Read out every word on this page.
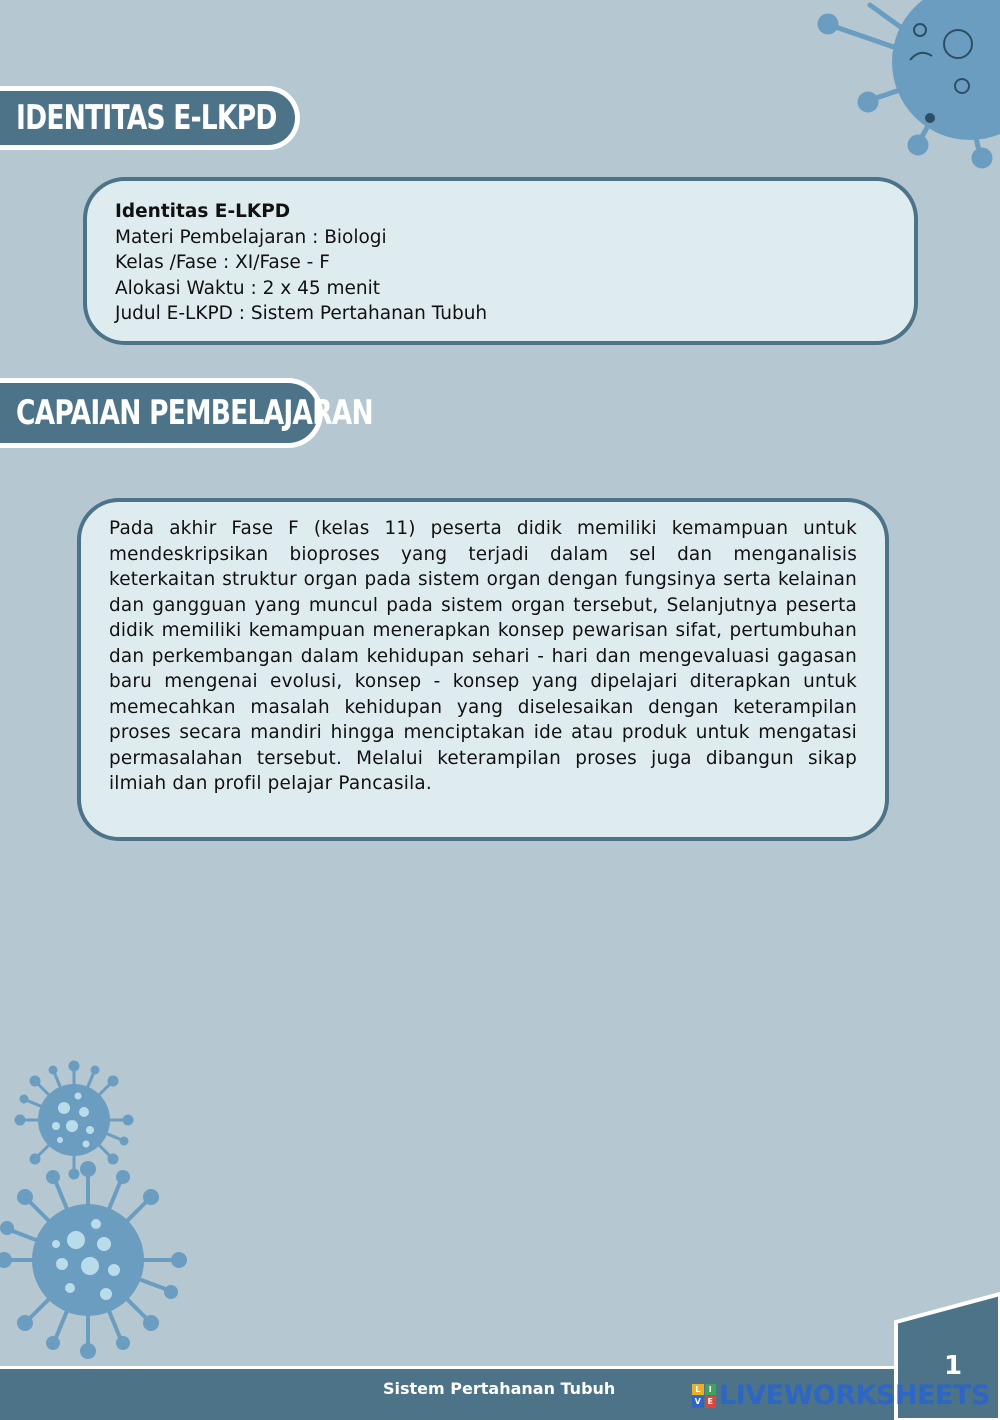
IDENTITAS E-LKPD
Identitas E-LKPD
Materi Pembelajaran : Biologi
Kelas /Fase : XI/Fase - F
Alokasi Waktu : 2 x 45 menit
Judul E-LKPD : Sistem Pertahanan Tubuh
CAPAIAN PEMBELAJARAN

Pada akhir Fase F (kelas 11) peserta didik memiliki kemampuan untuk mendeskripsikan bioproses yang terjadi dalam sel dan menganalisis keterkaitan struktur organ pada sistem organ dengan fungsinya serta kelainan dan gangguan yang muncul pada sistem organ tersebut, Selanjutnya peserta didik memiliki kemampuan menerapkan konsep pewarisan sifat, pertumbuhan dan perkembangan dalam kehidupan sehari - hari dan mengevaluasi gagasan baru mengenai evolusi, konsep - konsep yang dipelajari diterapkan untuk memecahkan masalah kehidupan yang diselesaikan dengan keterampilan proses secara mandiri hingga menciptakan ide atau produk untuk mengatasi permasalahan tersebut. Melalui keterampilan proses juga dibangun sikap ilmiah dan profil pelajar Pancasila.

1
Sistem Pertahanan Tubuh	L	I
V E LIVEWORKSHEETS
